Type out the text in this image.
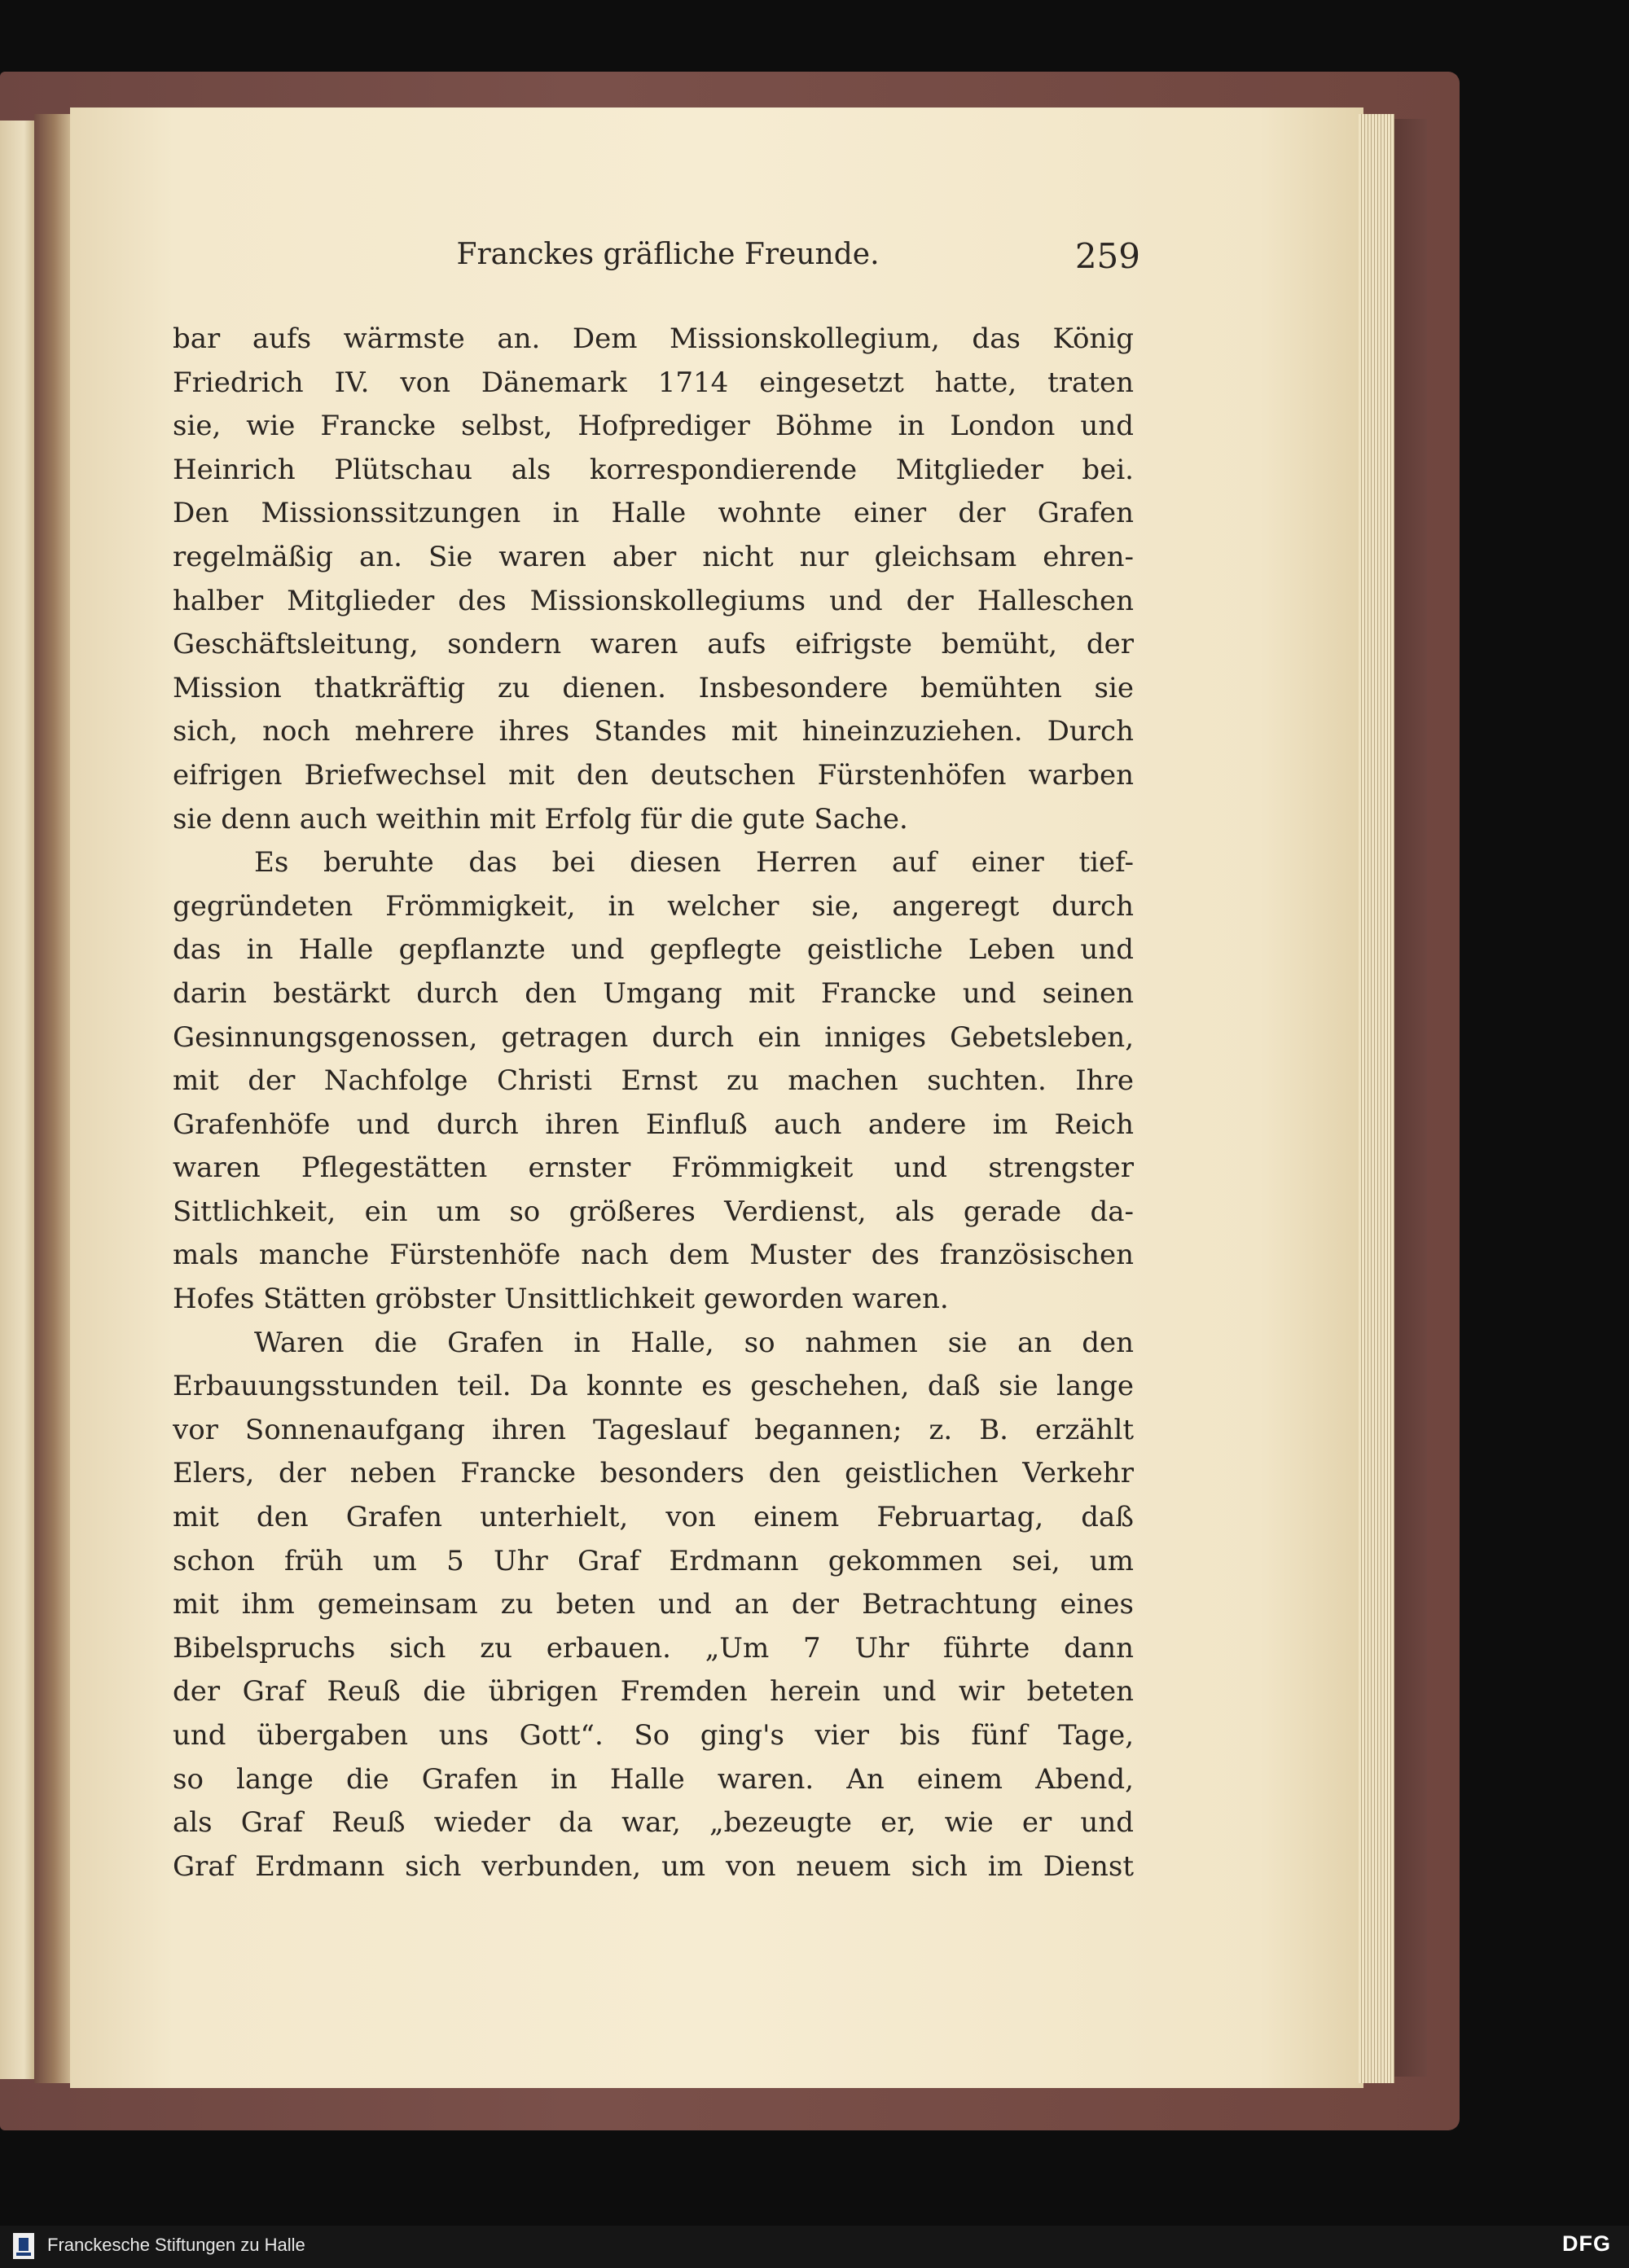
Franckes gräfliche Freunde.	259
bar aufs wärmste an. Dem Missionskollegium, das König
Friedrich IV. von Dänemark 1714 eingesetzt hatte, traten
sie, wie Francke selbst, Hofprediger Böhme in London und
Heinrich Plütschau als korrespondierende Mitglieder bei.
Den Missionssitzungen in Halle wohnte einer der Grafen
regelmäßig an. Sie waren aber nicht nur gleichsam ehren-
halber Mitglieder des Missionskollegiums und der Halleschen
Geschäftsleitung, sondern waren aufs eifrigste bemüht, der
Mission thatkräftig zu dienen. Insbesondere bemühten sie
sich, noch mehrere ihres Standes mit hineinzuziehen. Durch
eifrigen Briefwechsel mit den deutschen Fürstenhöfen warben
sie denn auch weithin mit Erfolg für die gute Sache.
Es beruhte das bei diesen Herren auf einer tief-
gegründeten Frömmigkeit, in welcher sie, angeregt durch
das in Halle gepflanzte und gepflegte geistliche Leben und
darin bestärkt durch den Umgang mit Francke und seinen
Gesinnungsgenossen, getragen durch ein inniges Gebetsleben,
mit der Nachfolge Christi Ernst zu machen suchten. Ihre
Grafenhöfe und durch ihren Einfluß auch andere im Reich
waren Pflegestätten ernster Frömmigkeit und strengster
Sittlichkeit, ein um so größeres Verdienst, als gerade da-
mals manche Fürstenhöfe nach dem Muster des französischen
Hofes Stätten gröbster Unsittlichkeit geworden waren.
Waren die Grafen in Halle, so nahmen sie an den
Erbauungsstunden teil. Da konnte es geschehen, daß sie lange
vor Sonnenaufgang ihren Tageslauf begannen; z. B. erzählt
Elers, der neben Francke besonders den geistlichen Verkehr
mit den Grafen unterhielt, von einem Februartag, daß
schon früh um 5 Uhr Graf Erdmann gekommen sei, um
mit ihm gemeinsam zu beten und an der Betrachtung eines
Bibelspruchs sich zu erbauen. „Um 7 Uhr führte dann
der Graf Reuß die übrigen Fremden herein und wir beteten
und übergaben uns Gott“. So ging's vier bis fünf Tage,
so lange die Grafen in Halle waren. An einem Abend,
als Graf Reuß wieder da war, „bezeugte er, wie er und
Graf Erdmann sich verbunden, um von neuem sich im Dienst
Franckesche Stiftungen zu Halle	DFG
